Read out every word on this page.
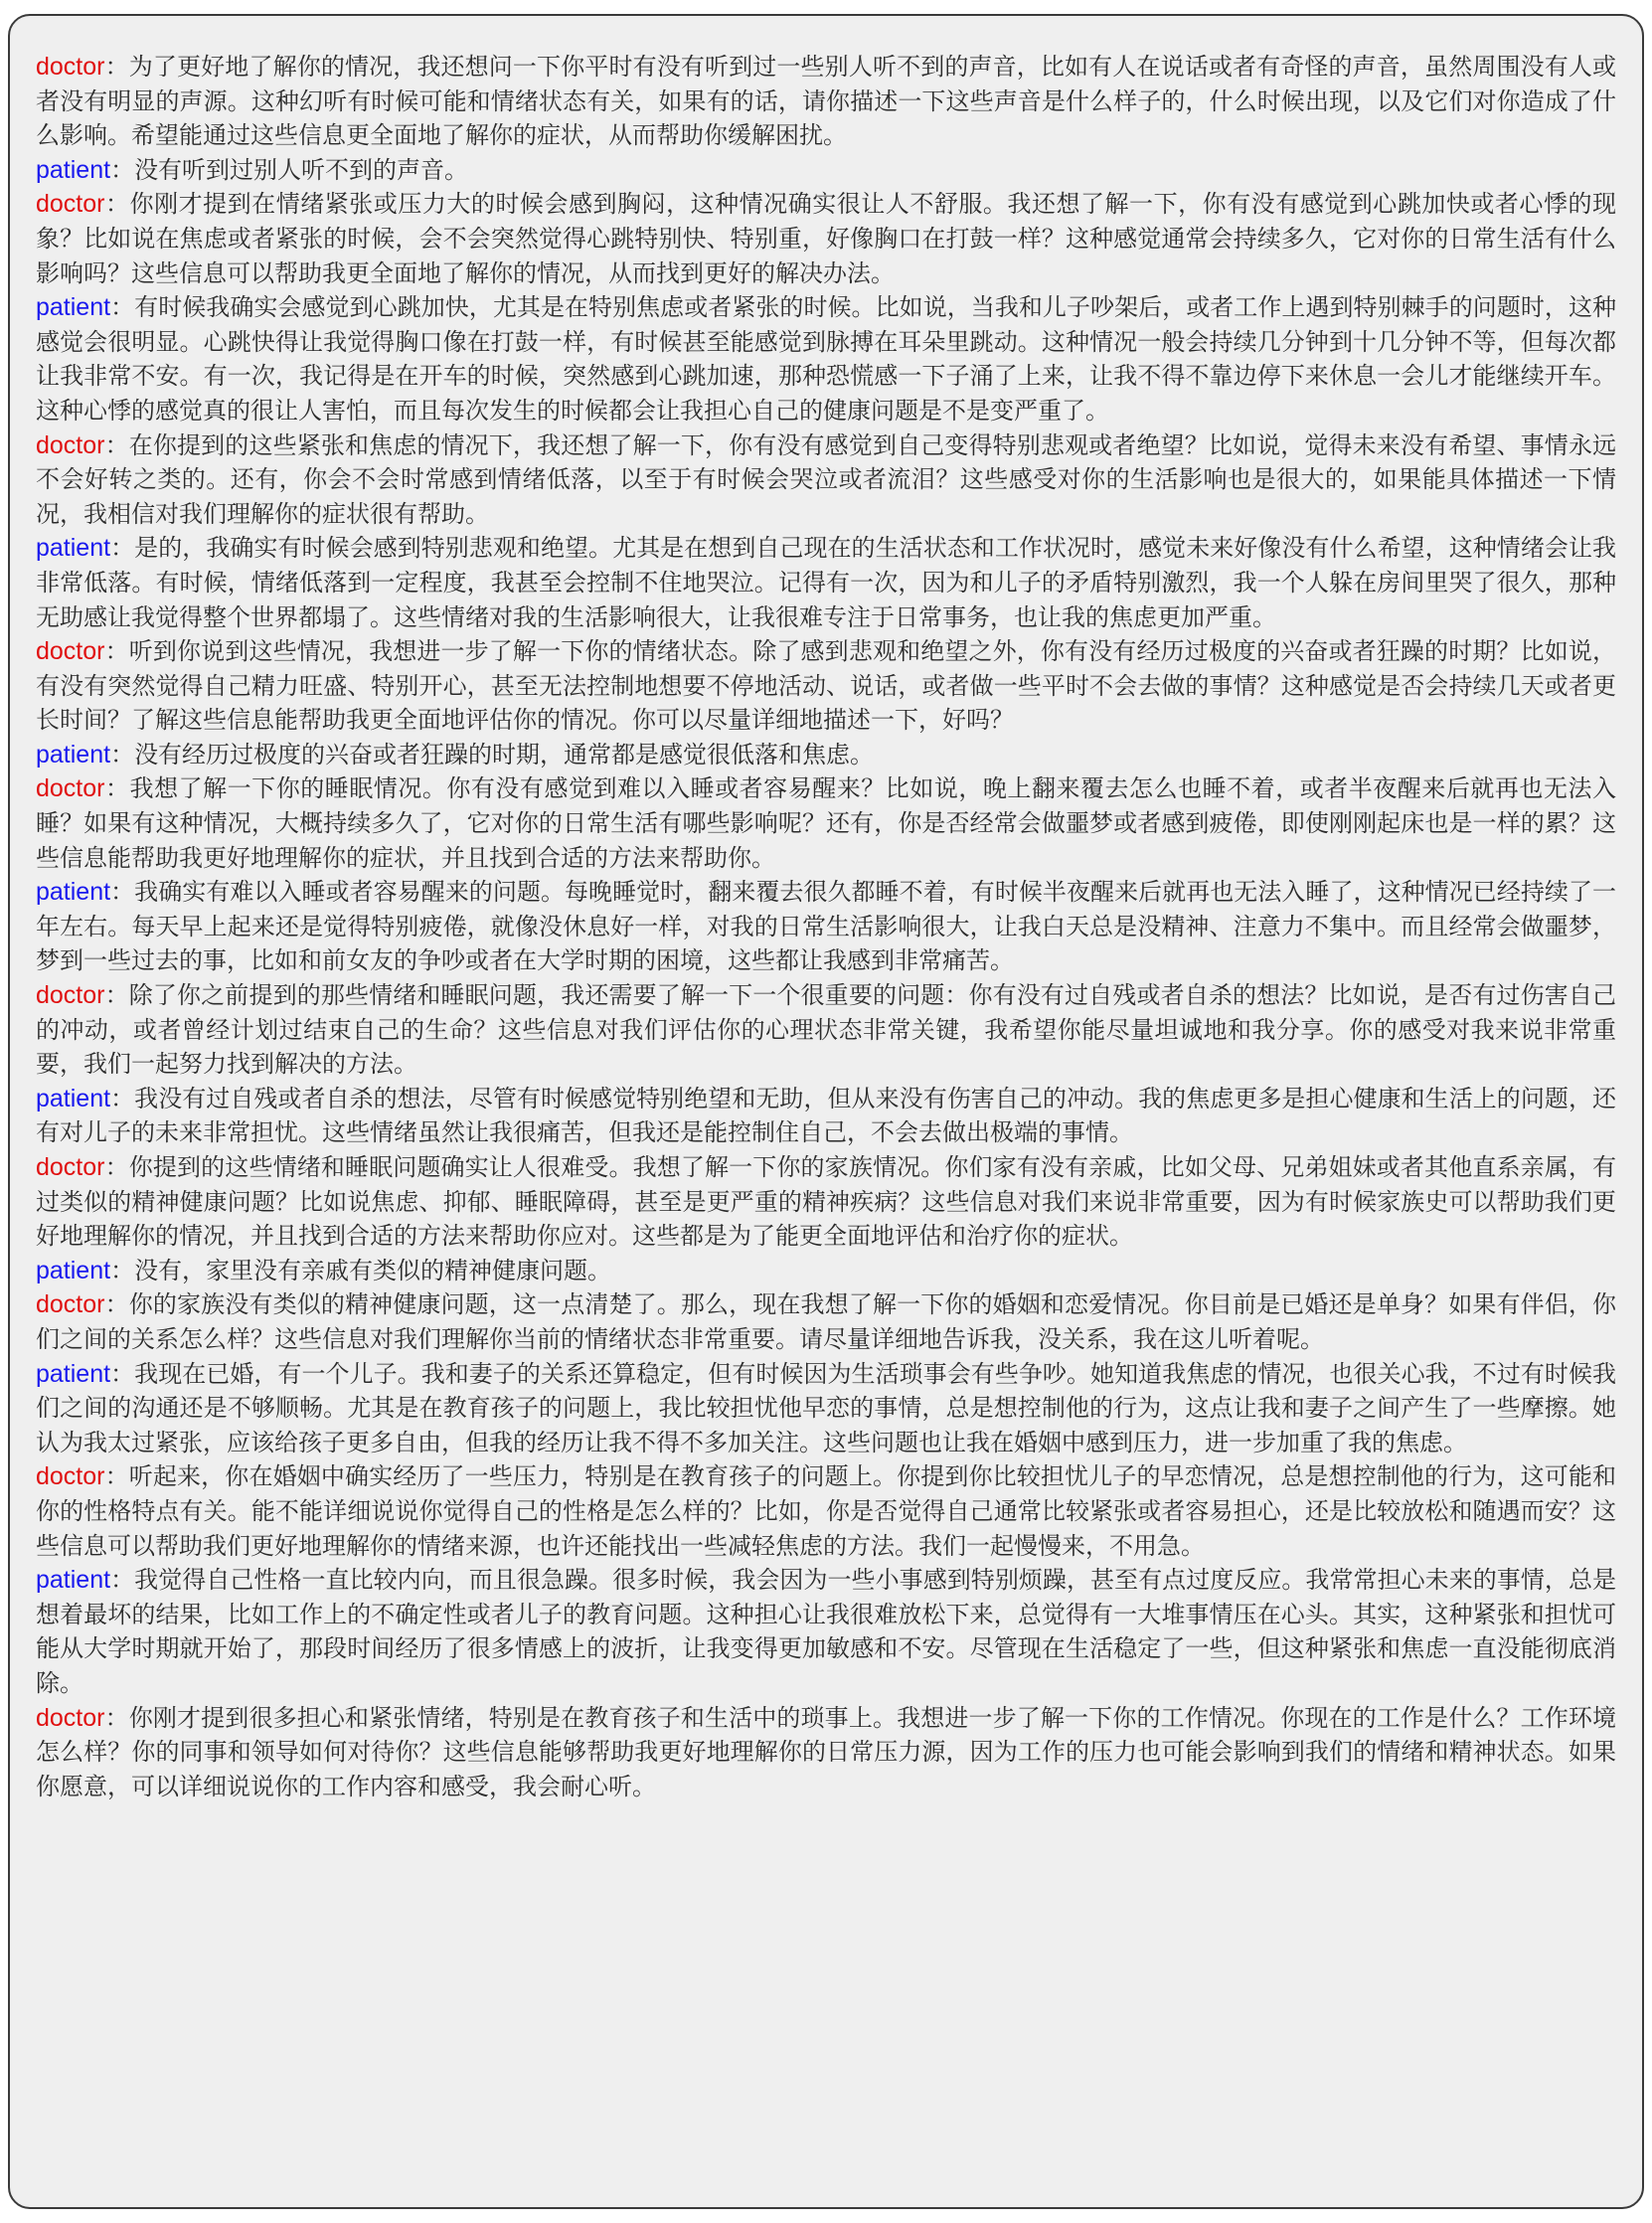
doctor：为了更好地了解你的情况，我还想问一下你平时有没有听到过一些别人听不到的声音，比如有人在说话或者有奇怪的声音，虽然周围没有人或者没有明显的声源。这种幻听有时候可能和情绪状态有关，如果有的话，请你描述一下这些声音是什么样子的，什么时候出现，以及它们对你造成了什么影响。希望能通过这些信息更全面地了解你的症状，从而帮助你缓解困扰。

patient：没有听到过别人听不到的声音。

doctor：你刚才提到在情绪紧张或压力大的时候会感到胸闷，这种情况确实很让人不舒服。我还想了解一下，你有没有感觉到心跳加快或者心悸的现象？比如说在焦虑或者紧张的时候，会不会突然觉得心跳特别快、特别重，好像胸口在打鼓一样？这种感觉通常会持续多久，它对你的日常生活有什么影响吗？这些信息可以帮助我更全面地了解你的情况，从而找到更好的解决办法。

patient：有时候我确实会感觉到心跳加快，尤其是在特别焦虑或者紧张的时候。比如说，当我和儿子吵架后，或者工作上遇到特别棘手的问题时，这种感觉会很明显。心跳快得让我觉得胸口像在打鼓一样，有时候甚至能感觉到脉搏在耳朵里跳动。这种情况一般会持续几分钟到十几分钟不等，但每次都让我非常不安。有一次，我记得是在开车的时候，突然感到心跳加速，那种恐慌感一下子涌了上来，让我不得不靠边停下来休息一会儿才能继续开车。这种心悸的感觉真的很让人害怕，而且每次发生的时候都会让我担心自己的健康问题是不是变严重了。

doctor：在你提到的这些紧张和焦虑的情况下，我还想了解一下，你有没有感觉到自己变得特别悲观或者绝望？比如说，觉得未来没有希望、事情永远不会好转之类的。还有，你会不会时常感到情绪低落，以至于有时候会哭泣或者流泪？这些感受对你的生活影响也是很大的，如果能具体描述一下情况，我相信对我们理解你的症状很有帮助。

patient：是的，我确实有时候会感到特别悲观和绝望。尤其是在想到自己现在的生活状态和工作状况时，感觉未来好像没有什么希望，这种情绪会让我非常低落。有时候，情绪低落到一定程度，我甚至会控制不住地哭泣。记得有一次，因为和儿子的矛盾特别激烈，我一个人躲在房间里哭了很久，那种无助感让我觉得整个世界都塌了。这些情绪对我的生活影响很大，让我很难专注于日常事务，也让我的焦虑更加严重。

doctor：听到你说到这些情况，我想进一步了解一下你的情绪状态。除了感到悲观和绝望之外，你有没有经历过极度的兴奋或者狂躁的时期？比如说，有没有突然觉得自己精力旺盛、特别开心，甚至无法控制地想要不停地活动、说话，或者做一些平时不会去做的事情？这种感觉是否会持续几天或者更长时间？了解这些信息能帮助我更全面地评估你的情况。你可以尽量详细地描述一下，好吗？

patient：没有经历过极度的兴奋或者狂躁的时期，通常都是感觉很低落和焦虑。

doctor：我想了解一下你的睡眠情况。你有没有感觉到难以入睡或者容易醒来？比如说，晚上翻来覆去怎么也睡不着，或者半夜醒来后就再也无法入睡？如果有这种情况，大概持续多久了，它对你的日常生活有哪些影响呢？还有，你是否经常会做噩梦或者感到疲倦，即使刚刚起床也是一样的累？这些信息能帮助我更好地理解你的症状，并且找到合适的方法来帮助你。

patient：我确实有难以入睡或者容易醒来的问题。每晚睡觉时，翻来覆去很久都睡不着，有时候半夜醒来后就再也无法入睡了，这种情况已经持续了一年左右。每天早上起来还是觉得特别疲倦，就像没休息好一样，对我的日常生活影响很大，让我白天总是没精神、注意力不集中。而且经常会做噩梦，梦到一些过去的事，比如和前女友的争吵或者在大学时期的困境，这些都让我感到非常痛苦。

doctor：除了你之前提到的那些情绪和睡眠问题，我还需要了解一下一个很重要的问题：你有没有过自残或者自杀的想法？比如说，是否有过伤害自己的冲动，或者曾经计划过结束自己的生命？这些信息对我们评估你的心理状态非常关键，我希望你能尽量坦诚地和我分享。你的感受对我来说非常重要，我们一起努力找到解决的方法。

patient：我没有过自残或者自杀的想法，尽管有时候感觉特别绝望和无助，但从来没有伤害自己的冲动。我的焦虑更多是担心健康和生活上的问题，还有对儿子的未来非常担忧。这些情绪虽然让我很痛苦，但我还是能控制住自己，不会去做出极端的事情。

doctor：你提到的这些情绪和睡眠问题确实让人很难受。我想了解一下你的家族情况。你们家有没有亲戚，比如父母、兄弟姐妹或者其他直系亲属，有过类似的精神健康问题？比如说焦虑、抑郁、睡眠障碍，甚至是更严重的精神疾病？这些信息对我们来说非常重要，因为有时候家族史可以帮助我们更好地理解你的情况，并且找到合适的方法来帮助你应对。这些都是为了能更全面地评估和治疗你的症状。

patient：没有，家里没有亲戚有类似的精神健康问题。

doctor：你的家族没有类似的精神健康问题，这一点清楚了。那么，现在我想了解一下你的婚姻和恋爱情况。你目前是已婚还是单身？如果有伴侣，你们之间的关系怎么样？这些信息对我们理解你当前的情绪状态非常重要。请尽量详细地告诉我，没关系，我在这儿听着呢。

patient：我现在已婚，有一个儿子。我和妻子的关系还算稳定，但有时候因为生活琐事会有些争吵。她知道我焦虑的情况，也很关心我，不过有时候我们之间的沟通还是不够顺畅。尤其是在教育孩子的问题上，我比较担忧他早恋的事情，总是想控制他的行为，这点让我和妻子之间产生了一些摩擦。她认为我太过紧张，应该给孩子更多自由，但我的经历让我不得不多加关注。这些问题也让我在婚姻中感到压力，进一步加重了我的焦虑。

doctor：听起来，你在婚姻中确实经历了一些压力，特别是在教育孩子的问题上。你提到你比较担忧儿子的早恋情况，总是想控制他的行为，这可能和你的性格特点有关。能不能详细说说你觉得自己的性格是怎么样的？比如，你是否觉得自己通常比较紧张或者容易担心，还是比较放松和随遇而安？这些信息可以帮助我们更好地理解你的情绪来源，也许还能找出一些减轻焦虑的方法。我们一起慢慢来，不用急。

patient：我觉得自己性格一直比较内向，而且很急躁。很多时候，我会因为一些小事感到特别烦躁，甚至有点过度反应。我常常担心未来的事情，总是想着最坏的结果，比如工作上的不确定性或者儿子的教育问题。这种担心让我很难放松下来，总觉得有一大堆事情压在心头。其实，这种紧张和担忧可能从大学时期就开始了，那段时间经历了很多情感上的波折，让我变得更加敏感和不安。尽管现在生活稳定了一些，但这种紧张和焦虑一直没能彻底消除。

doctor：你刚才提到很多担心和紧张情绪，特别是在教育孩子和生活中的琐事上。我想进一步了解一下你的工作情况。你现在的工作是什么？工作环境怎么样？你的同事和领导如何对待你？这些信息能够帮助我更好地理解你的日常压力源，因为工作的压力也可能会影响到我们的情绪和精神状态。如果你愿意，可以详细说说你的工作内容和感受，我会耐心听。
